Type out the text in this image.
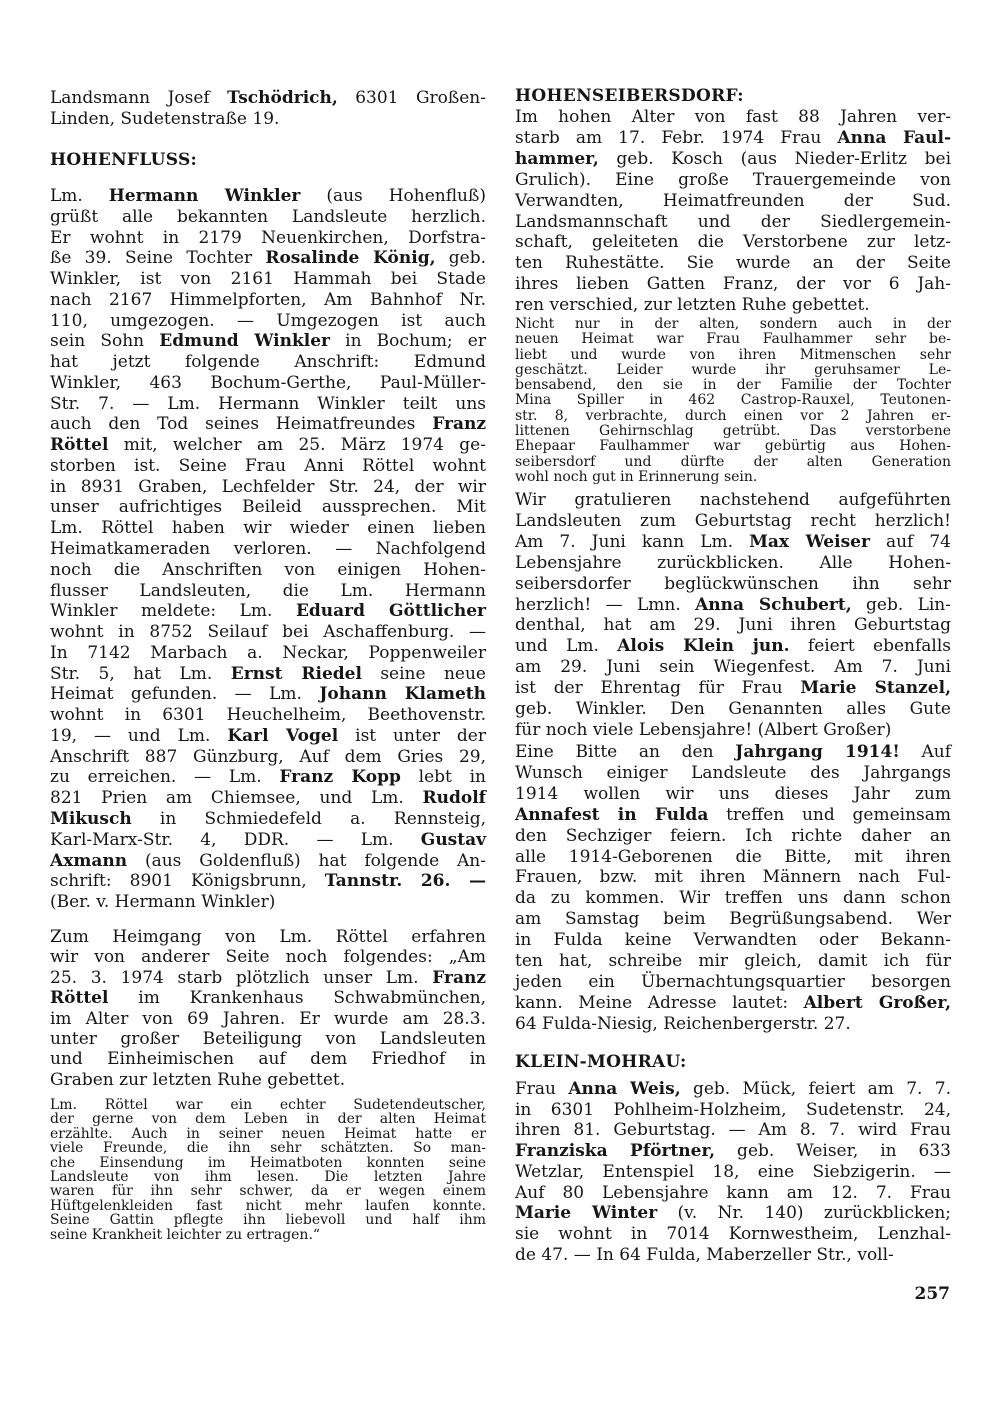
Landsmann Josef Tschödrich, 6301 Großen-
Linden, Sudetenstraße 19.
HOHENFLUSS:
Lm. Hermann Winkler (aus Hohenfluß)
grüßt alle bekannten Landsleute herzlich.
Er wohnt in 2179 Neuenkirchen, Dorfstra-
ße 39. Seine Tochter Rosalinde König, geb.
Winkler, ist von 2161 Hammah bei Stade
nach 2167 Himmelpforten, Am Bahnhof Nr.
110, umgezogen. — Umgezogen ist auch
sein Sohn Edmund Winkler in Bochum; er
hat jetzt folgende Anschrift: Edmund
Winkler, 463 Bochum-Gerthe, Paul-Müller-
Str. 7. — Lm. Hermann Winkler teilt uns
auch den Tod seines Heimatfreundes Franz
Röttel mit, welcher am 25. März 1974 ge-
storben ist. Seine Frau Anni Röttel wohnt
in 8931 Graben, Lechfelder Str. 24, der wir
unser aufrichtiges Beileid aussprechen. Mit
Lm. Röttel haben wir wieder einen lieben
Heimatkameraden verloren. — Nachfolgend
noch die Anschriften von einigen Hohen-
flusser Landsleuten, die Lm. Hermann
Winkler meldete: Lm. Eduard Göttlicher
wohnt in 8752 Seilauf bei Aschaffenburg. —
In 7142 Marbach a. Neckar, Poppenweiler
Str. 5, hat Lm. Ernst Riedel seine neue
Heimat gefunden. — Lm. Johann Klameth
wohnt in 6301 Heuchelheim, Beethovenstr.
19, — und Lm. Karl Vogel ist unter der
Anschrift 887 Günzburg, Auf dem Gries 29,
zu erreichen. — Lm. Franz Kopp lebt in
821 Prien am Chiemsee, und Lm. Rudolf
Mikusch in Schmiedefeld a. Rennsteig,
Karl-Marx-Str. 4, DDR. — Lm. Gustav
Axmann (aus Goldenfluß) hat folgende An-
schrift: 8901 Königsbrunn, Tannstr. 26. —
(Ber. v. Hermann Winkler)
Zum Heimgang von Lm. Röttel erfahren
wir von anderer Seite noch folgendes: „Am
25. 3. 1974 starb plötzlich unser Lm. Franz
Röttel im Krankenhaus Schwabmünchen,
im Alter von 69 Jahren. Er wurde am 28.3.
unter großer Beteiligung von Landsleuten
und Einheimischen auf dem Friedhof in
Graben zur letzten Ruhe gebettet.
Lm. Röttel war ein echter Sudetendeutscher,
der gerne von dem Leben in der alten Heimat
erzählte. Auch in seiner neuen Heimat hatte er
viele Freunde, die ihn sehr schätzten. So man-
che Einsendung im Heimatboten konnten seine
Landsleute von ihm lesen. Die letzten Jahre
waren für ihn sehr schwer, da er wegen einem
Hüftgelenkleiden fast nicht mehr laufen konnte.
Seine Gattin pflegte ihn liebevoll und half ihm
seine Krankheit leichter zu ertragen.“
HOHENSEIBERSDORF:
Im hohen Alter von fast 88 Jahren ver-
starb am 17. Febr. 1974 Frau Anna Faul-
hammer, geb. Kosch (aus Nieder-Erlitz bei
Grulich). Eine große Trauergemeinde von
Verwandten, Heimatfreunden der Sud.
Landsmannschaft und der Siedlergemein-
schaft, geleiteten die Verstorbene zur letz-
ten Ruhestätte. Sie wurde an der Seite
ihres lieben Gatten Franz, der vor 6 Jah-
ren verschied, zur letzten Ruhe gebettet.
Nicht nur in der alten, sondern auch in der
neuen Heimat war Frau Faulhammer sehr be-
liebt und wurde von ihren Mitmenschen sehr
geschätzt. Leider wurde ihr geruhsamer Le-
bensabend, den sie in der Familie der Tochter
Mina Spiller in 462 Castrop-Rauxel, Teutonen-
str. 8, verbrachte, durch einen vor 2 Jahren er-
littenen Gehirnschlag getrübt. Das verstorbene
Ehepaar Faulhammer war gebürtig aus Hohen-
seibersdorf und dürfte der alten Generation
wohl noch gut in Erinnerung sein.
Wir gratulieren nachstehend aufgeführten
Landsleuten zum Geburtstag recht herzlich!
Am 7. Juni kann Lm. Max Weiser auf 74
Lebensjahre zurückblicken. Alle Hohen-
seibersdorfer beglückwünschen ihn sehr
herzlich! — Lmn. Anna Schubert, geb. Lin-
denthal, hat am 29. Juni ihren Geburtstag
und Lm. Alois Klein jun. feiert ebenfalls
am 29. Juni sein Wiegenfest. Am 7. Juni
ist der Ehrentag für Frau Marie Stanzel,
geb. Winkler. Den Genannten alles Gute
für noch viele Lebensjahre! (Albert Großer)
Eine Bitte an den Jahrgang 1914! Auf
Wunsch einiger Landsleute des Jahrgangs
1914 wollen wir uns dieses Jahr zum
Annafest in Fulda treffen und gemeinsam
den Sechziger feiern. Ich richte daher an
alle 1914-Geborenen die Bitte, mit ihren
Frauen, bzw. mit ihren Männern nach Ful-
da zu kommen. Wir treffen uns dann schon
am Samstag beim Begrüßungsabend. Wer
in Fulda keine Verwandten oder Bekann-
ten hat, schreibe mir gleich, damit ich für
jeden ein Übernachtungsquartier besorgen
kann. Meine Adresse lautet: Albert Großer,
64 Fulda-Niesig, Reichenbergerstr. 27.
KLEIN-MOHRAU:
Frau Anna Weis, geb. Mück, feiert am 7. 7.
in 6301 Pohlheim-Holzheim, Sudetenstr. 24,
ihren 81. Geburtstag. — Am 8. 7. wird Frau
Franziska Pförtner, geb. Weiser, in 633
Wetzlar, Entenspiel 18, eine Siebzigerin. —
Auf 80 Lebensjahre kann am 12. 7. Frau
Marie Winter (v. Nr. 140) zurückblicken;
sie wohnt in 7014 Kornwestheim, Lenzhal-
de 47. — In 64 Fulda, Maberzeller Str., voll-
257
